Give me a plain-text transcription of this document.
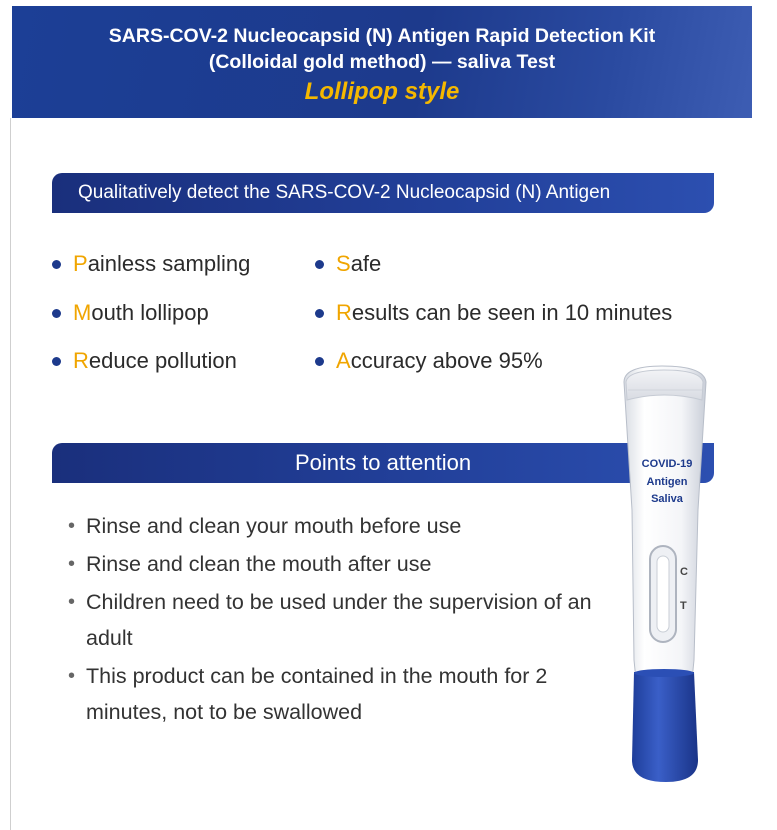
SARS-COV-2 Nucleocapsid (N) Antigen Rapid Detection Kit
(Colloidal gold method) — saliva Test
Lollipop style
Qualitatively detect the SARS-COV-2 Nucleocapsid (N) Antigen
P ainless sampling	S afe
M outh lollipop	R esults can be seen in 10 minutes
R educe pollution	A ccuracy above 95%
Points to attention
• Rinse and clean your mouth before use
• Rinse and clean the mouth after use
• Children need to be used under the supervision of an adult
• This product can be contained in the mouth for 2 minutes, not to be swallowed
COVID-19
Antigen
Saliva
C
T
